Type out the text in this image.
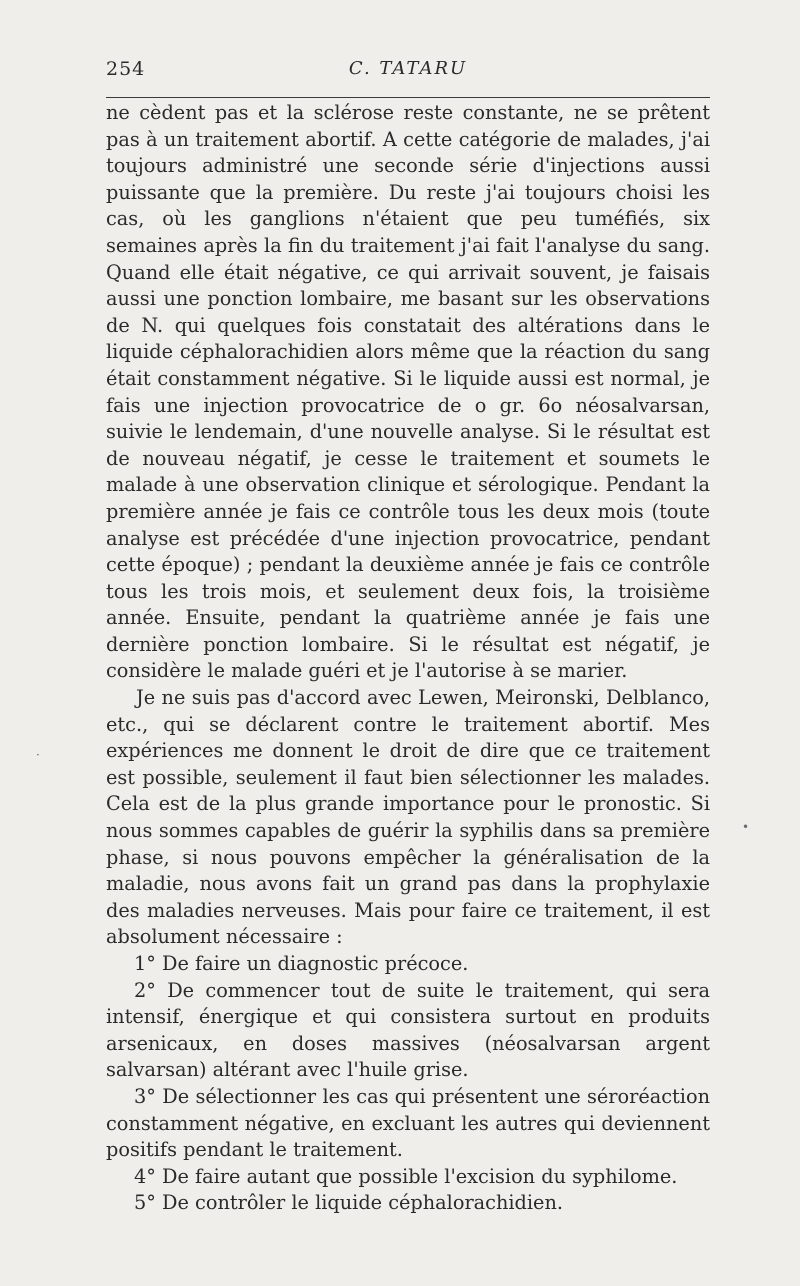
254	C. TATARU

ne cèdent pas et la sclérose reste constante, ne se prêtent pas à un traitement abortif. A cette catégorie de malades, j'ai toujours administré une seconde série d'injections aussi puissante que la première. Du reste j'ai toujours choisi les cas, où les ganglions n'étaient que peu tuméfiés, six semaines après la fin du traitement j'ai fait l'analyse du sang. Quand elle était négative, ce qui arrivait souvent, je faisais aussi une ponction lombaire, me basant sur les observations de N. qui quelques fois constatait des altérations dans le liquide céphalorachidien alors même que la réaction du sang était constamment négative. Si le liquide aussi est normal, je fais une injection provocatrice de o gr. 6o néosalvarsan, suivie le lendemain, d'une nouvelle analyse. Si le résultat est de nouveau négatif, je cesse le traitement et soumets le malade à une observation clinique et sérologique. Pendant la première année je fais ce contrôle tous les deux mois (toute analyse est précédée d'une injection provocatrice, pendant cette époque) ; pendant la deuxième année je fais ce contrôle tous les trois mois, et seulement deux fois, la troisième année. Ensuite, pendant la quatrième année je fais une dernière ponction lombaire. Si le résultat est négatif, je considère le malade guéri et je l'autorise à se marier.

Je ne suis pas d'accord avec Lewen, Meironski, Delblanco, etc., qui se déclarent contre le traitement abortif. Mes expériences me donnent le droit de dire que ce traitement est possible, seulement il faut bien sélectionner les malades. Cela est de la plus grande importance pour le pronostic. Si nous sommes capables de guérir la syphilis dans sa première phase, si nous pouvons empêcher la généralisation de la maladie, nous avons fait un grand pas dans la prophylaxie des maladies nerveuses. Mais pour faire ce traitement, il est absolument nécessaire :

1° De faire un diagnostic précoce.

2° De commencer tout de suite le traitement, qui sera intensif, énergique et qui consistera surtout en produits arsenicaux, en doses massives (néosalvarsan argent salvarsan) altérant avec l'huile grise.

3° De sélectionner les cas qui présentent une séroréaction constamment négative, en excluant les autres qui deviennent positifs pendant le traitement.

4° De faire autant que possible l'excision du syphilome.

5° De contrôler le liquide céphalorachidien.

•
·
